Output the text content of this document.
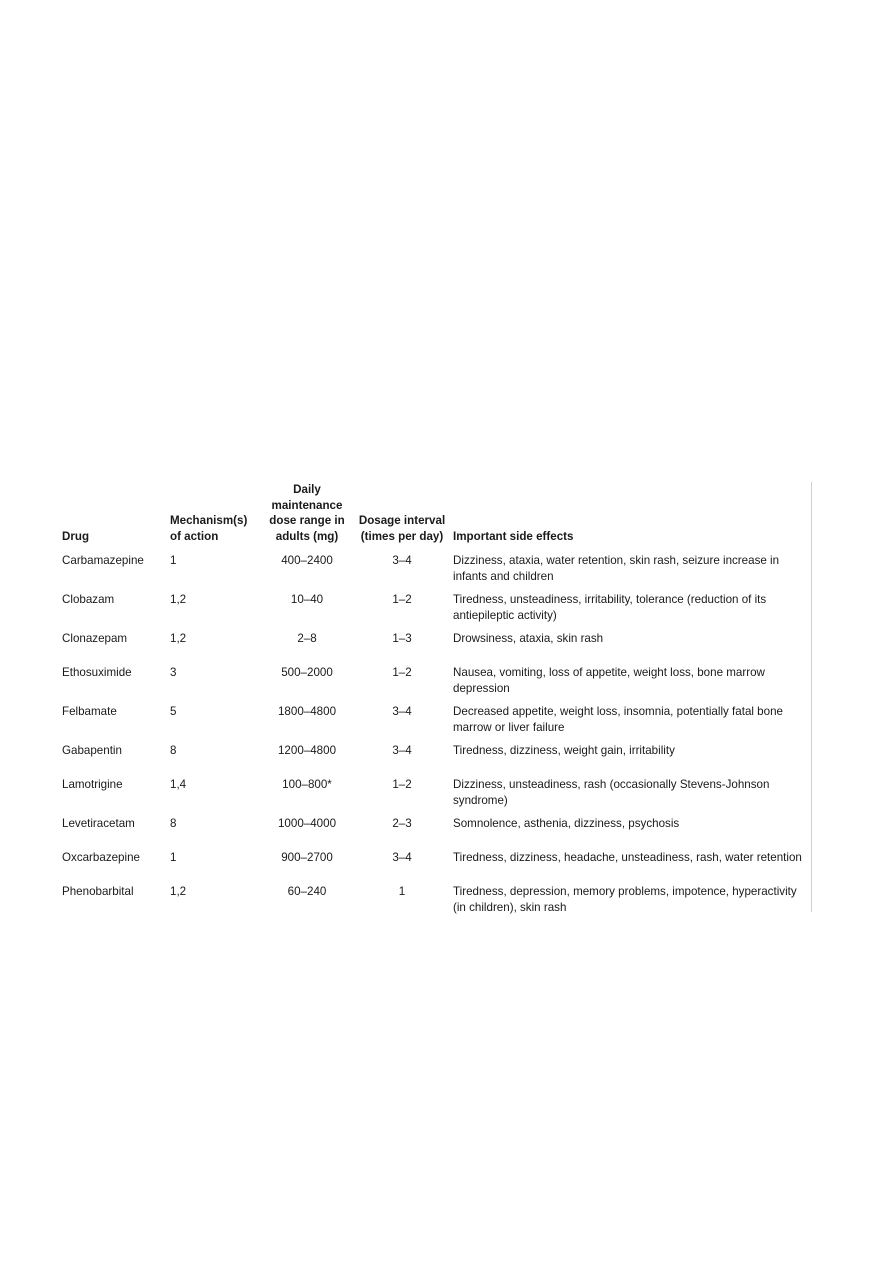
Drug	Mechanism(s) of action	Daily maintenance dose range in adults (mg)	Dosage interval (times per day)	Important side effects
Carbamazepine	1	400–2400	3–4	Dizziness, ataxia, water retention, skin rash, seizure increase in infants and children
Clobazam	1,2	10–40	1–2	Tiredness, unsteadiness, irritability, tolerance (reduction of its antiepileptic activity)
Clonazepam	1,2	2–8	1–3	Drowsiness, ataxia, skin rash
Ethosuximide	3	500–2000	1–2	Nausea, vomiting, loss of appetite, weight loss, bone marrow depression
Felbamate	5	1800–4800	3–4	Decreased appetite, weight loss, insomnia, potentially fatal bone marrow or liver failure
Gabapentin	8	1200–4800	3–4	Tiredness, dizziness, weight gain, irritability
Lamotrigine	1,4	100–800*	1–2	Dizziness, unsteadiness, rash (occasionally Stevens-Johnson syndrome)
Levetiracetam	8	1000–4000	2–3	Somnolence, asthenia, dizziness, psychosis
Oxcarbazepine	1	900–2700	3–4	Tiredness, dizziness, headache, unsteadiness, rash, water retention
Phenobarbital	1,2	60–240	1	Tiredness, depression, memory problems, impotence, hyperactivity (in children), skin rash
